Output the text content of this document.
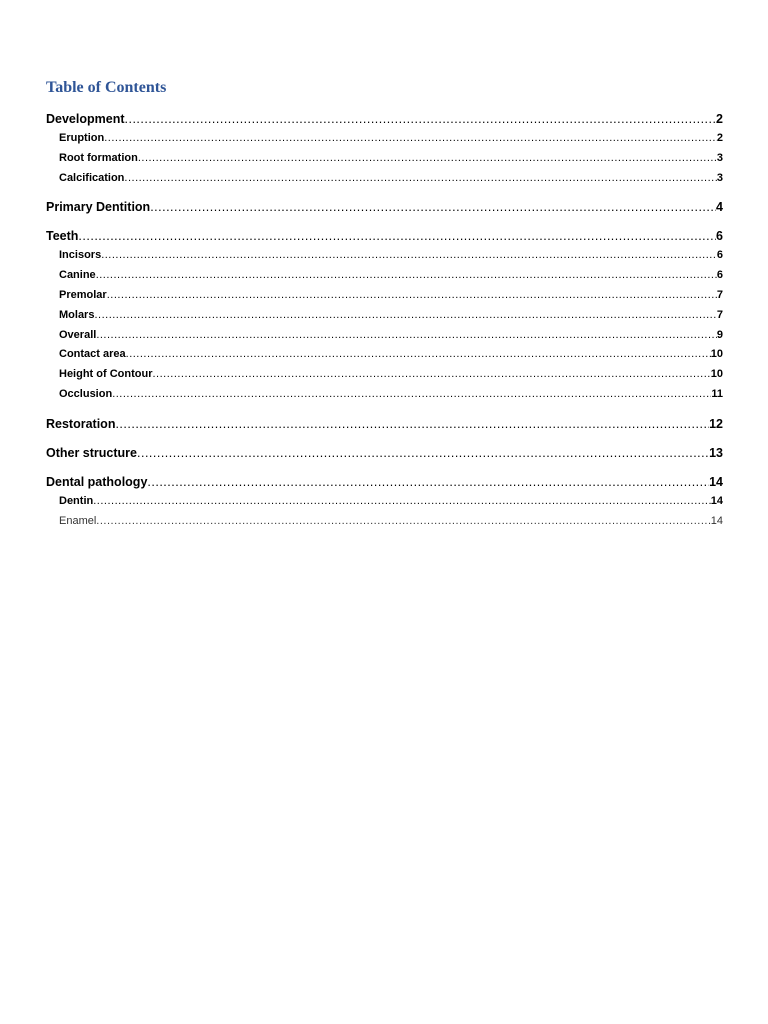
Table of Contents
Development .....	2
Eruption .....	2
Root formation .....	3
Calcification .....	3
Primary Dentition .....	4
Teeth .....	6
Incisors .....	6
Canine .....	6
Premolar .....	7
Molars .....	7
Overall .....	9
Contact area .....	10
Height of Contour .....	10
Occlusion .....	11
Restoration .....	12
Other structure .....	13
Dental pathology .....	14
Dentin .....	14
Enamel .....	14
